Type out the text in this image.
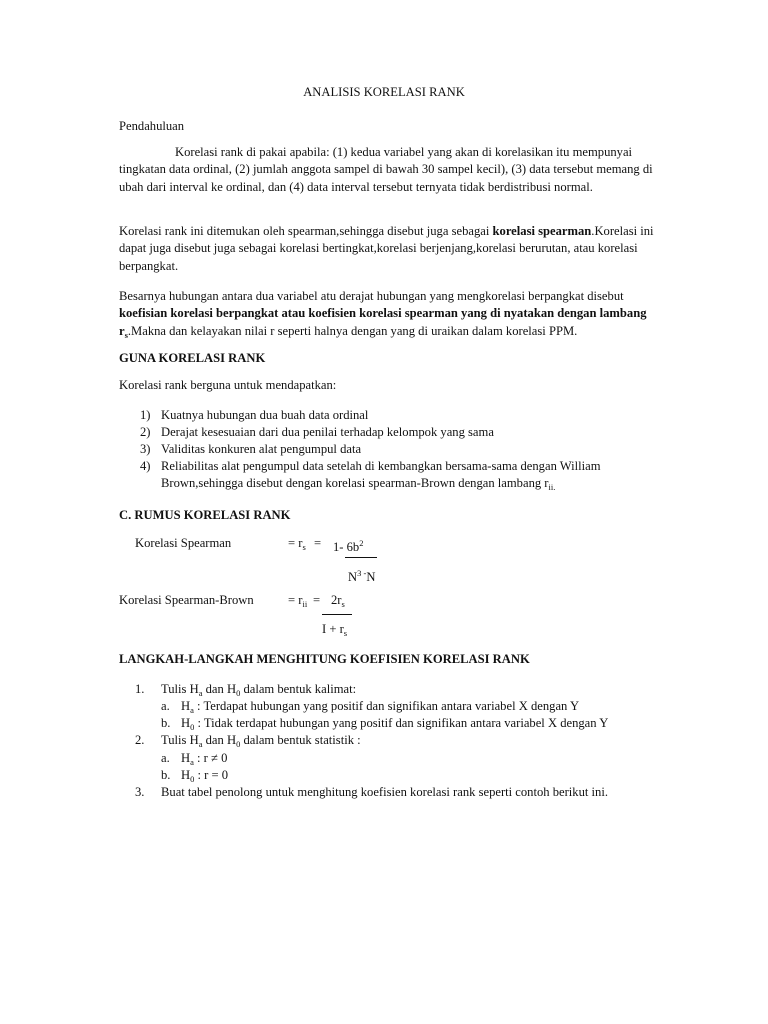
ANALISIS KORELASI RANK
Pendahuluan
Korelasi rank di pakai apabila: (1) kedua variabel yang akan di korelasikan itu mempunyai tingkatan data ordinal, (2) jumlah anggota sampel di bawah 30 sampel kecil), (3) data tersebut memang di ubah dari interval ke ordinal, dan (4) data interval tersebut ternyata tidak berdistribusi normal.
Korelasi rank ini ditemukan oleh spearman,sehingga disebut juga sebagai korelasi spearman.Korelasi ini dapat juga disebut juga sebagai korelasi bertingkat,korelasi berjenjang,korelasi berurutan, atau korelasi berpangkat.
Besarnya hubungan antara dua variabel atu derajat hubungan yang mengkorelasi berpangkat disebut koefisian korelasi berpangkat atau koefisien korelasi spearman yang di nyatakan dengan lambang $r_s.Makna$ dan kelayakan nilai r seperti halnya dengan yang di uraikan dalam korelasi PPM.
GUNA KORELASI RANK
Korelasi rank berguna untuk mendapatkan:
1) Kuatnya hubungan dua buah data ordinal
2) Derajat kesesuaian dari dua penilai terhadap kelompok yang sama
3) Validitas konkuren alat pengumpul data
4) Reliabilitas alat pengumpul data setelah di kembangkan bersama-sama dengan William
Brown,sehingga disebut dengan korelasi spearman-Brown dengan lambang $r_{ii.}$
C. RUMUS KORELASI RANK
Korelasi Spearman	= $r_s = 1-$ $6b^2$
$N^{3 -}N$
Korelasi Spearman-Brown	= $r_{ii} = 2r_s$
$I + r_s$
LANGKAH-LANGKAH MENGHITUNG KOEFISIEN KORELASI RANK
1. Tulis $H_a$ dan $H_0$ dalam bentuk kalimat:
a. $H_a$ : Terdapat hubungan yang positif dan signifikan antara variabel X dengan Y
b. $H_0$ : Tidak terdapat hubungan yang positif dan signifikan antara variabel X dengan Y
2. Tulis $H_a$ dan $H_0$ dalam bentuk statistik :
a. $H_a$ : r ≠ 0
b. $H_0$ : r = 0
3. Buat tabel penolong untuk menghitung koefisien korelasi rank seperti contoh berikut ini.
